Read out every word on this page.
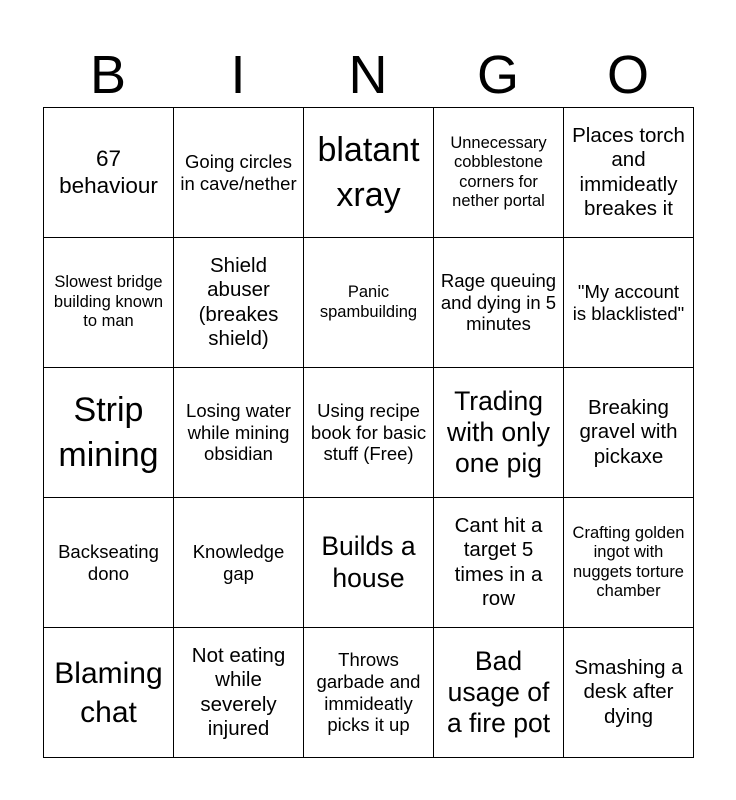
B	I	N	G	O
67 behaviour	Going circles in cave/nether	blatant xray	Unnecessary cobblestone corners for nether portal	Places torch and immideatly breakes it

Slowest bridge building known to man	Shield abuser (breakes shield)	Panic spambuilding	Rage queuing and dying in 5 minutes	"My account is blacklisted"

Strip mining	Losing water while mining obsidian	Using recipe book for basic stuff (Free)	Trading with only one pig	Breaking gravel with pickaxe

Backseating dono	Knowledge gap	Builds a house	Cant hit a target 5 times in a row	Crafting golden ingot with nuggets torture chamber

Blaming chat	Not eating while severely injured	Throws garbade and immideatly picks it up	Bad usage of a fire pot	Smashing a desk after dying
